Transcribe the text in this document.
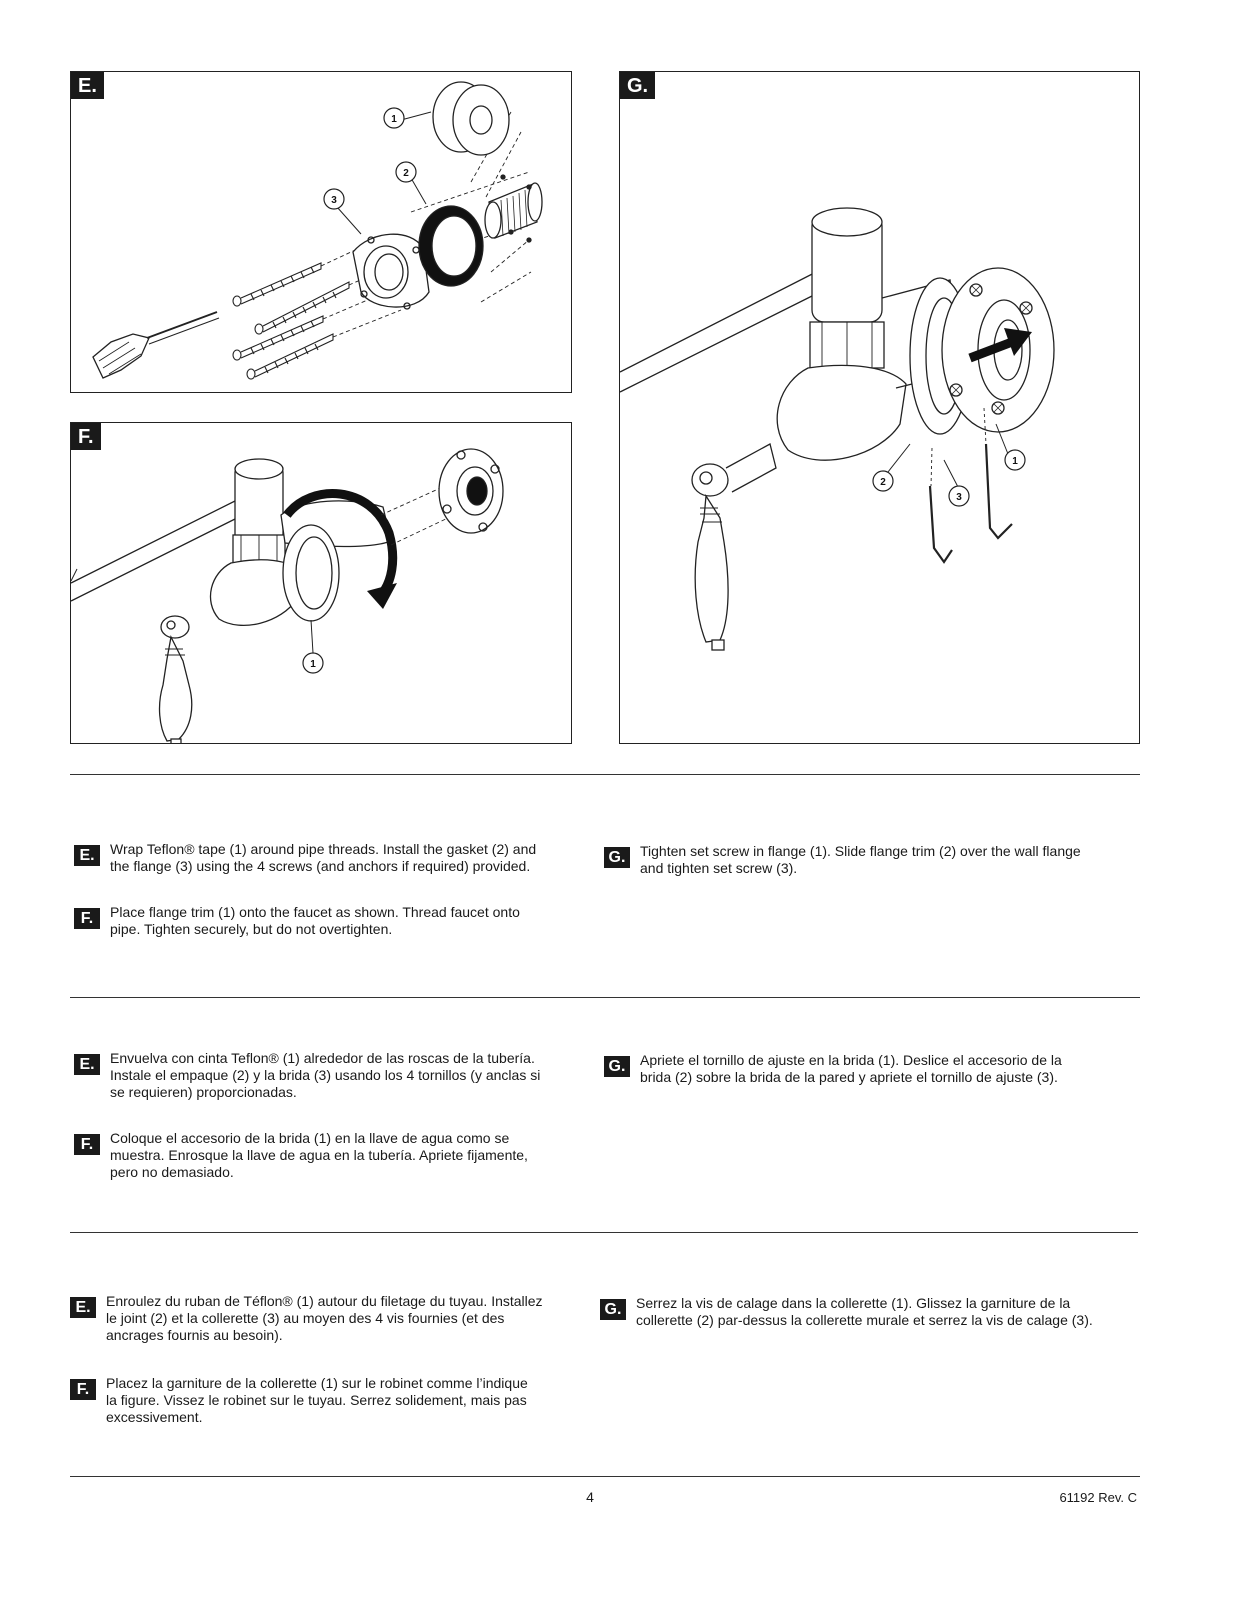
E.
1
2
3
F.
1
G.
2
3
1
E.	Wrap Teflon® tape (1) around pipe threads. Install the gasket (2) and
the flange (3) using the 4 screws (and anchors if required) provided.
F.	Place flange trim (1) onto the faucet as shown. Thread faucet onto
pipe. Tighten securely, but do not overtighten.
G.	Tighten set screw in flange (1). Slide flange trim (2) over the wall flange
and tighten set screw (3).
E.	Envuelva con cinta Teflon® (1) alrededor de las roscas de la tubería.
Instale el empaque (2) y la brida (3) usando los 4 tornillos (y anclas si
se requieren) proporcionadas.
F.	Coloque el accesorio de la brida (1) en la llave de agua como se
muestra. Enrosque la llave de agua en la tubería. Apriete fijamente,
pero no demasiado.
G.	Apriete el tornillo de ajuste en la brida (1). Deslice el accesorio de la
brida (2) sobre la brida de la pared y apriete el tornillo de ajuste (3).
E.	Enroulez du ruban de Téflon® (1) autour du filetage du tuyau. Installez
le joint (2) et la collerette (3) au moyen des 4 vis fournies (et des
ancrages fournis au besoin).
F.	Placez la garniture de la collerette (1) sur le robinet comme l’indique
la figure. Vissez le robinet sur le tuyau. Serrez solidement, mais pas
excessivement.
G.	Serrez la vis de calage dans la collerette (1). Glissez la garniture de la
collerette (2) par-dessus la collerette murale et serrez la vis de calage (3).
4	61192 Rev. C
